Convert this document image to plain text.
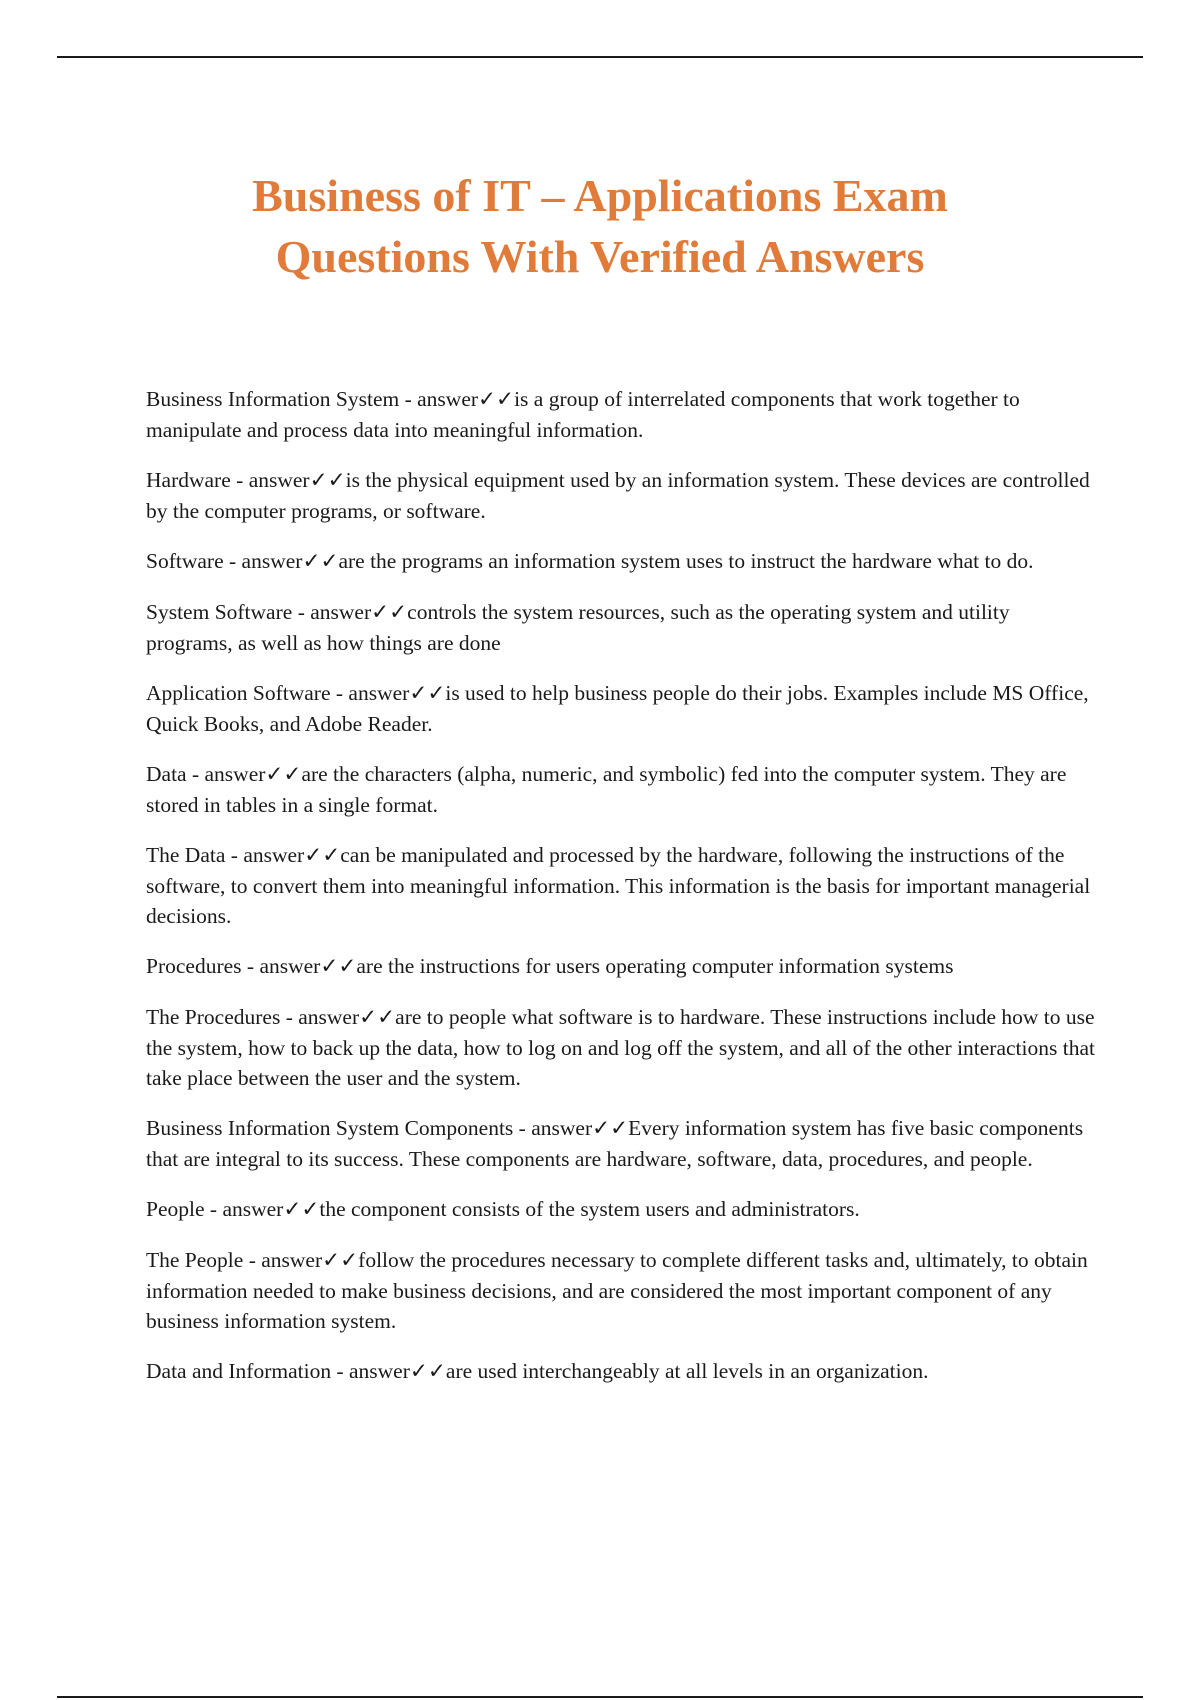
Business of IT – Applications Exam
Questions With Verified Answers

Business Information System - answer✓✓is a group of interrelated components that work together to manipulate and process data into meaningful information.

Hardware - answer✓✓is the physical equipment used by an information system. These devices are controlled by the computer programs, or software.

Software - answer✓✓are the programs an information system uses to instruct the hardware what to do.

System Software - answer✓✓controls the system resources, such as the operating system and utility programs, as well as how things are done

Application Software - answer✓✓is used to help business people do their jobs. Examples include MS Office, Quick Books, and Adobe Reader.

Data - answer✓✓are the characters (alpha, numeric, and symbolic) fed into the computer system. They are stored in tables in a single format.

The Data - answer✓✓can be manipulated and processed by the hardware, following the instructions of the software, to convert them into meaningful information. This information is the basis for important managerial decisions.

Procedures - answer✓✓are the instructions for users operating computer information systems

The Procedures - answer✓✓are to people what software is to hardware. These instructions include how to use the system, how to back up the data, how to log on and log off the system, and all of the other interactions that take place between the user and the system.

Business Information System Components - answer✓✓Every information system has five basic components that are integral to its success. These components are hardware, software, data, procedures, and people.

People - answer✓✓the component consists of the system users and administrators.

The People - answer✓✓follow the procedures necessary to complete different tasks and, ultimately, to obtain information needed to make business decisions, and are considered the most important component of any business information system.

Data and Information - answer✓✓are used interchangeably at all levels in an organization.
